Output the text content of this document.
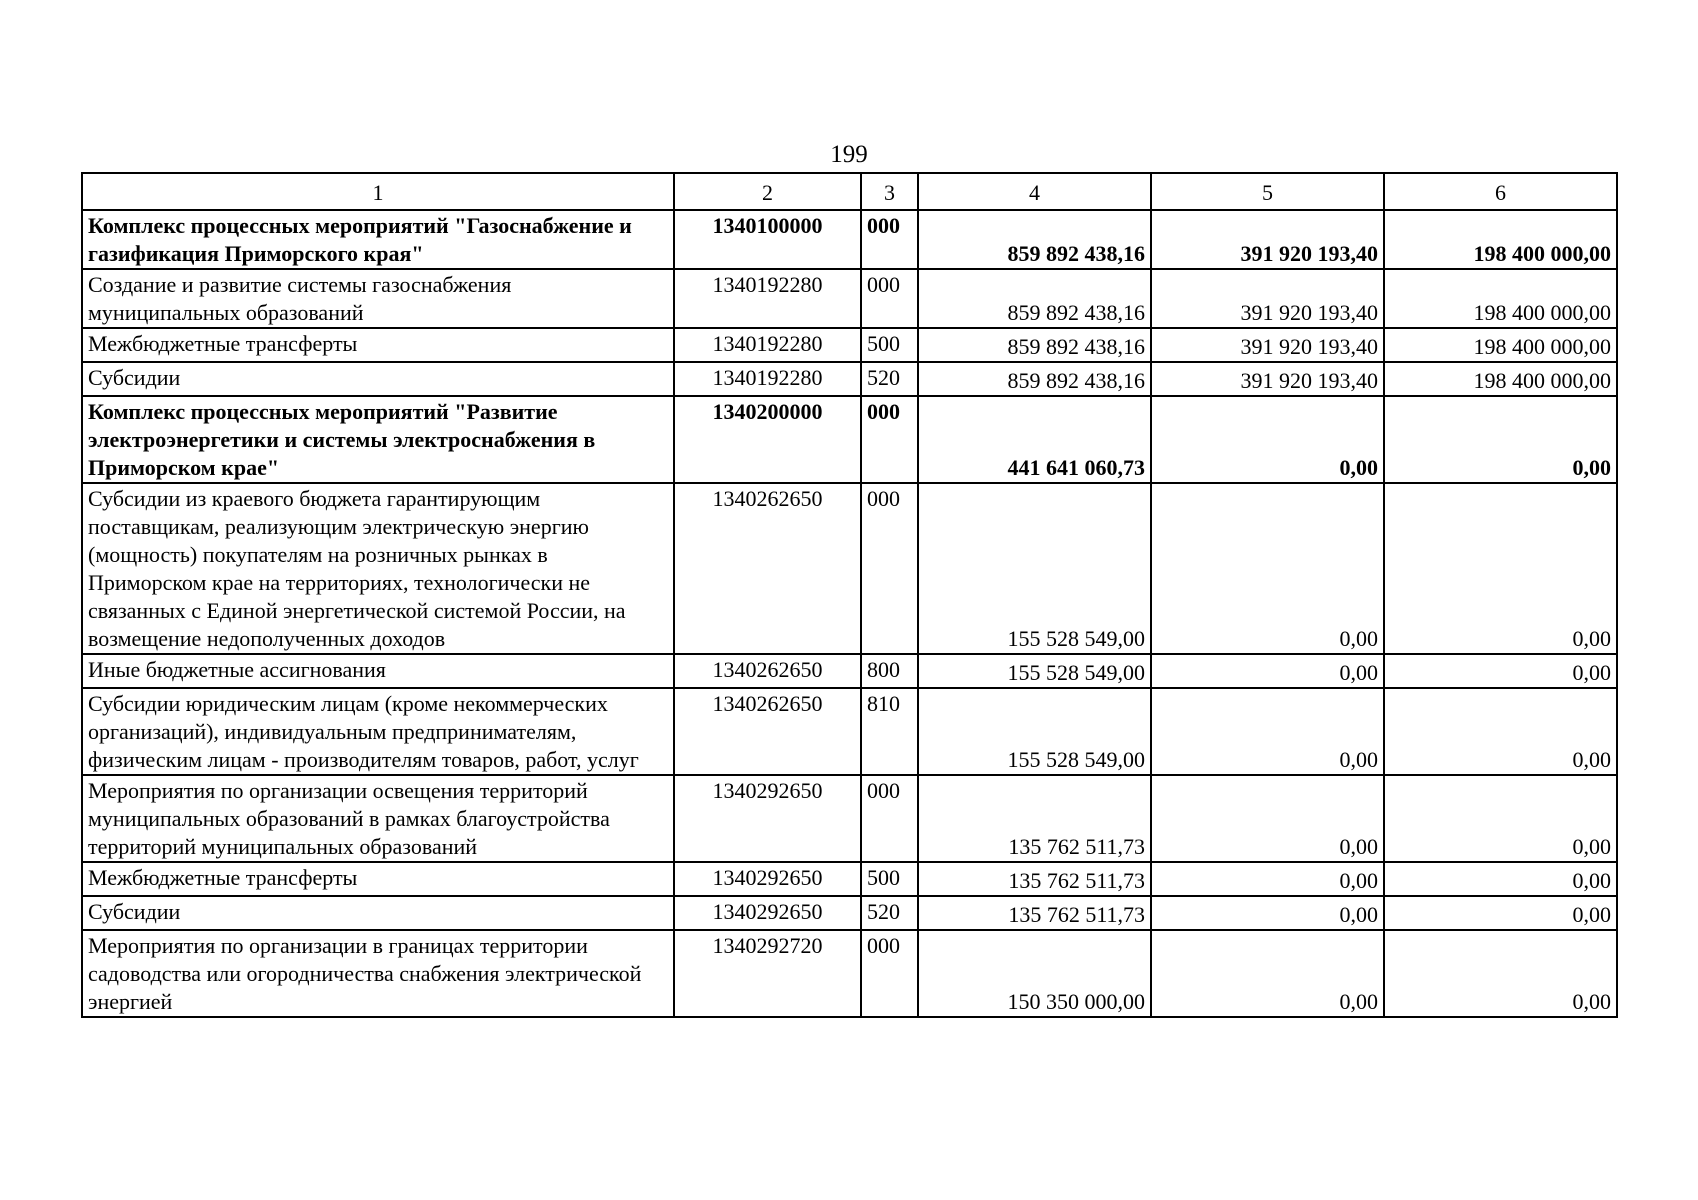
199
1	2	3	4	5	6
Комплекс процессных мероприятий "Газоснабжение и газификация Приморского края"	1340100000	000	859 892 438,16	391 920 193,40	198 400 000,00
Создание и развитие системы газоснабжения муниципальных образований	1340192280	000	859 892 438,16	391 920 193,40	198 400 000,00
Межбюджетные трансферты	1340192280	500	859 892 438,16	391 920 193,40	198 400 000,00
Субсидии	1340192280	520	859 892 438,16	391 920 193,40	198 400 000,00
Комплекс процессных мероприятий "Развитие электроэнергетики и системы электроснабжения в Приморском крае"	1340200000	000	441 641 060,73	0,00	0,00
Субсидии из краевого бюджета гарантирующим поставщикам, реализующим электрическую энергию (мощность) покупателям на розничных рынках в Приморском крае на территориях, технологически не связанных с Единой энергетической системой России, на возмещение недополученных доходов	1340262650	000	155 528 549,00	0,00	0,00
Иные бюджетные ассигнования	1340262650	800	155 528 549,00	0,00	0,00
Субсидии юридическим лицам (кроме некоммерческих организаций), индивидуальным предпринимателям, физическим лицам - производителям товаров, работ, услуг	1340262650	810	155 528 549,00	0,00	0,00
Мероприятия по организации освещения территорий муниципальных образований в рамках благоустройства территорий муниципальных образований	1340292650	000	135 762 511,73	0,00	0,00
Межбюджетные трансферты	1340292650	500	135 762 511,73	0,00	0,00
Субсидии	1340292650	520	135 762 511,73	0,00	0,00
Мероприятия по организации в границах территории садоводства или огородничества снабжения электрической энергией	1340292720	000	150 350 000,00	0,00	0,00
